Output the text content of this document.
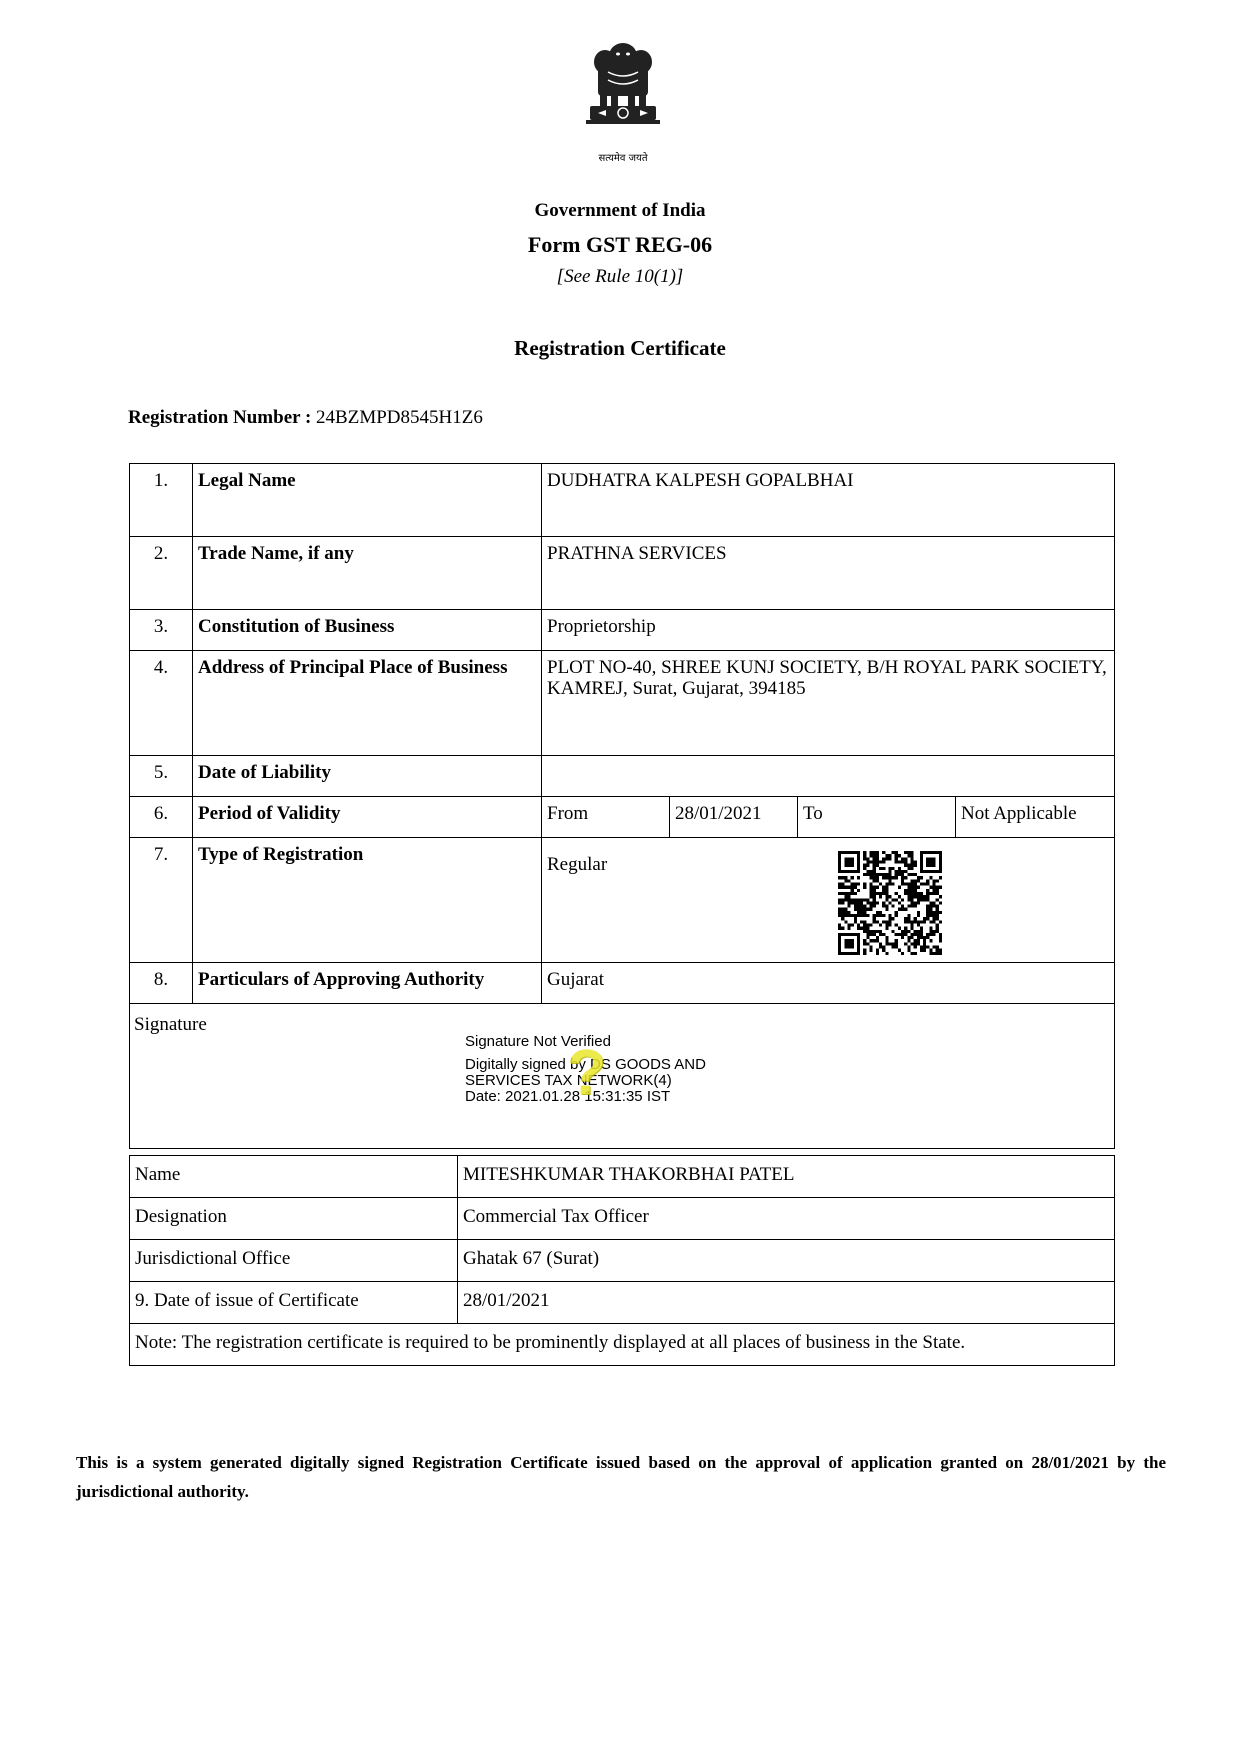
सत्यमेव जयते
Government of India
Form GST REG-06
[See Rule 10(1)]
Registration Certificate
Registration Number : 24BZMPD8545H1Z6
1.	Legal Name	DUDHATRA KALPESH GOPALBHAI			
2.	Trade Name, if any	PRATHNA SERVICES			
3.	Constitution of Business	Proprietorship			
4.	Address of Principal Place of Business	PLOT NO-40, SHREE KUNJ SOCIETY, B/H ROYAL PARK SOCIETY, KAMREJ, Surat, Gujarat, 394185			
5.	Date of Liability				
6.	Period of Validity	From	28/01/2021	To	Not Applicable
7.	Type of Registration	Regular			
8.	Particulars of Approving Authority	Gujarat			

Signature
Signature Not Verified
Digitally signed by DS GOODS AND
SERVICES TAX NETWORK(4)
Date: 2021.01.28 15:31:35 IST
?
Name	MITESHKUMAR THAKORBHAI PATEL
Designation	Commercial Tax Officer
Jurisdictional Office	Ghatak 67 (Surat)
9. Date of issue of Certificate	28/01/2021
Note: The registration certificate is required to be prominently displayed at all places of business in the State.	
This is a system generated digitally signed Registration Certificate issued based on the approval of application granted on 28/01/2021 by the jurisdictional authority.
